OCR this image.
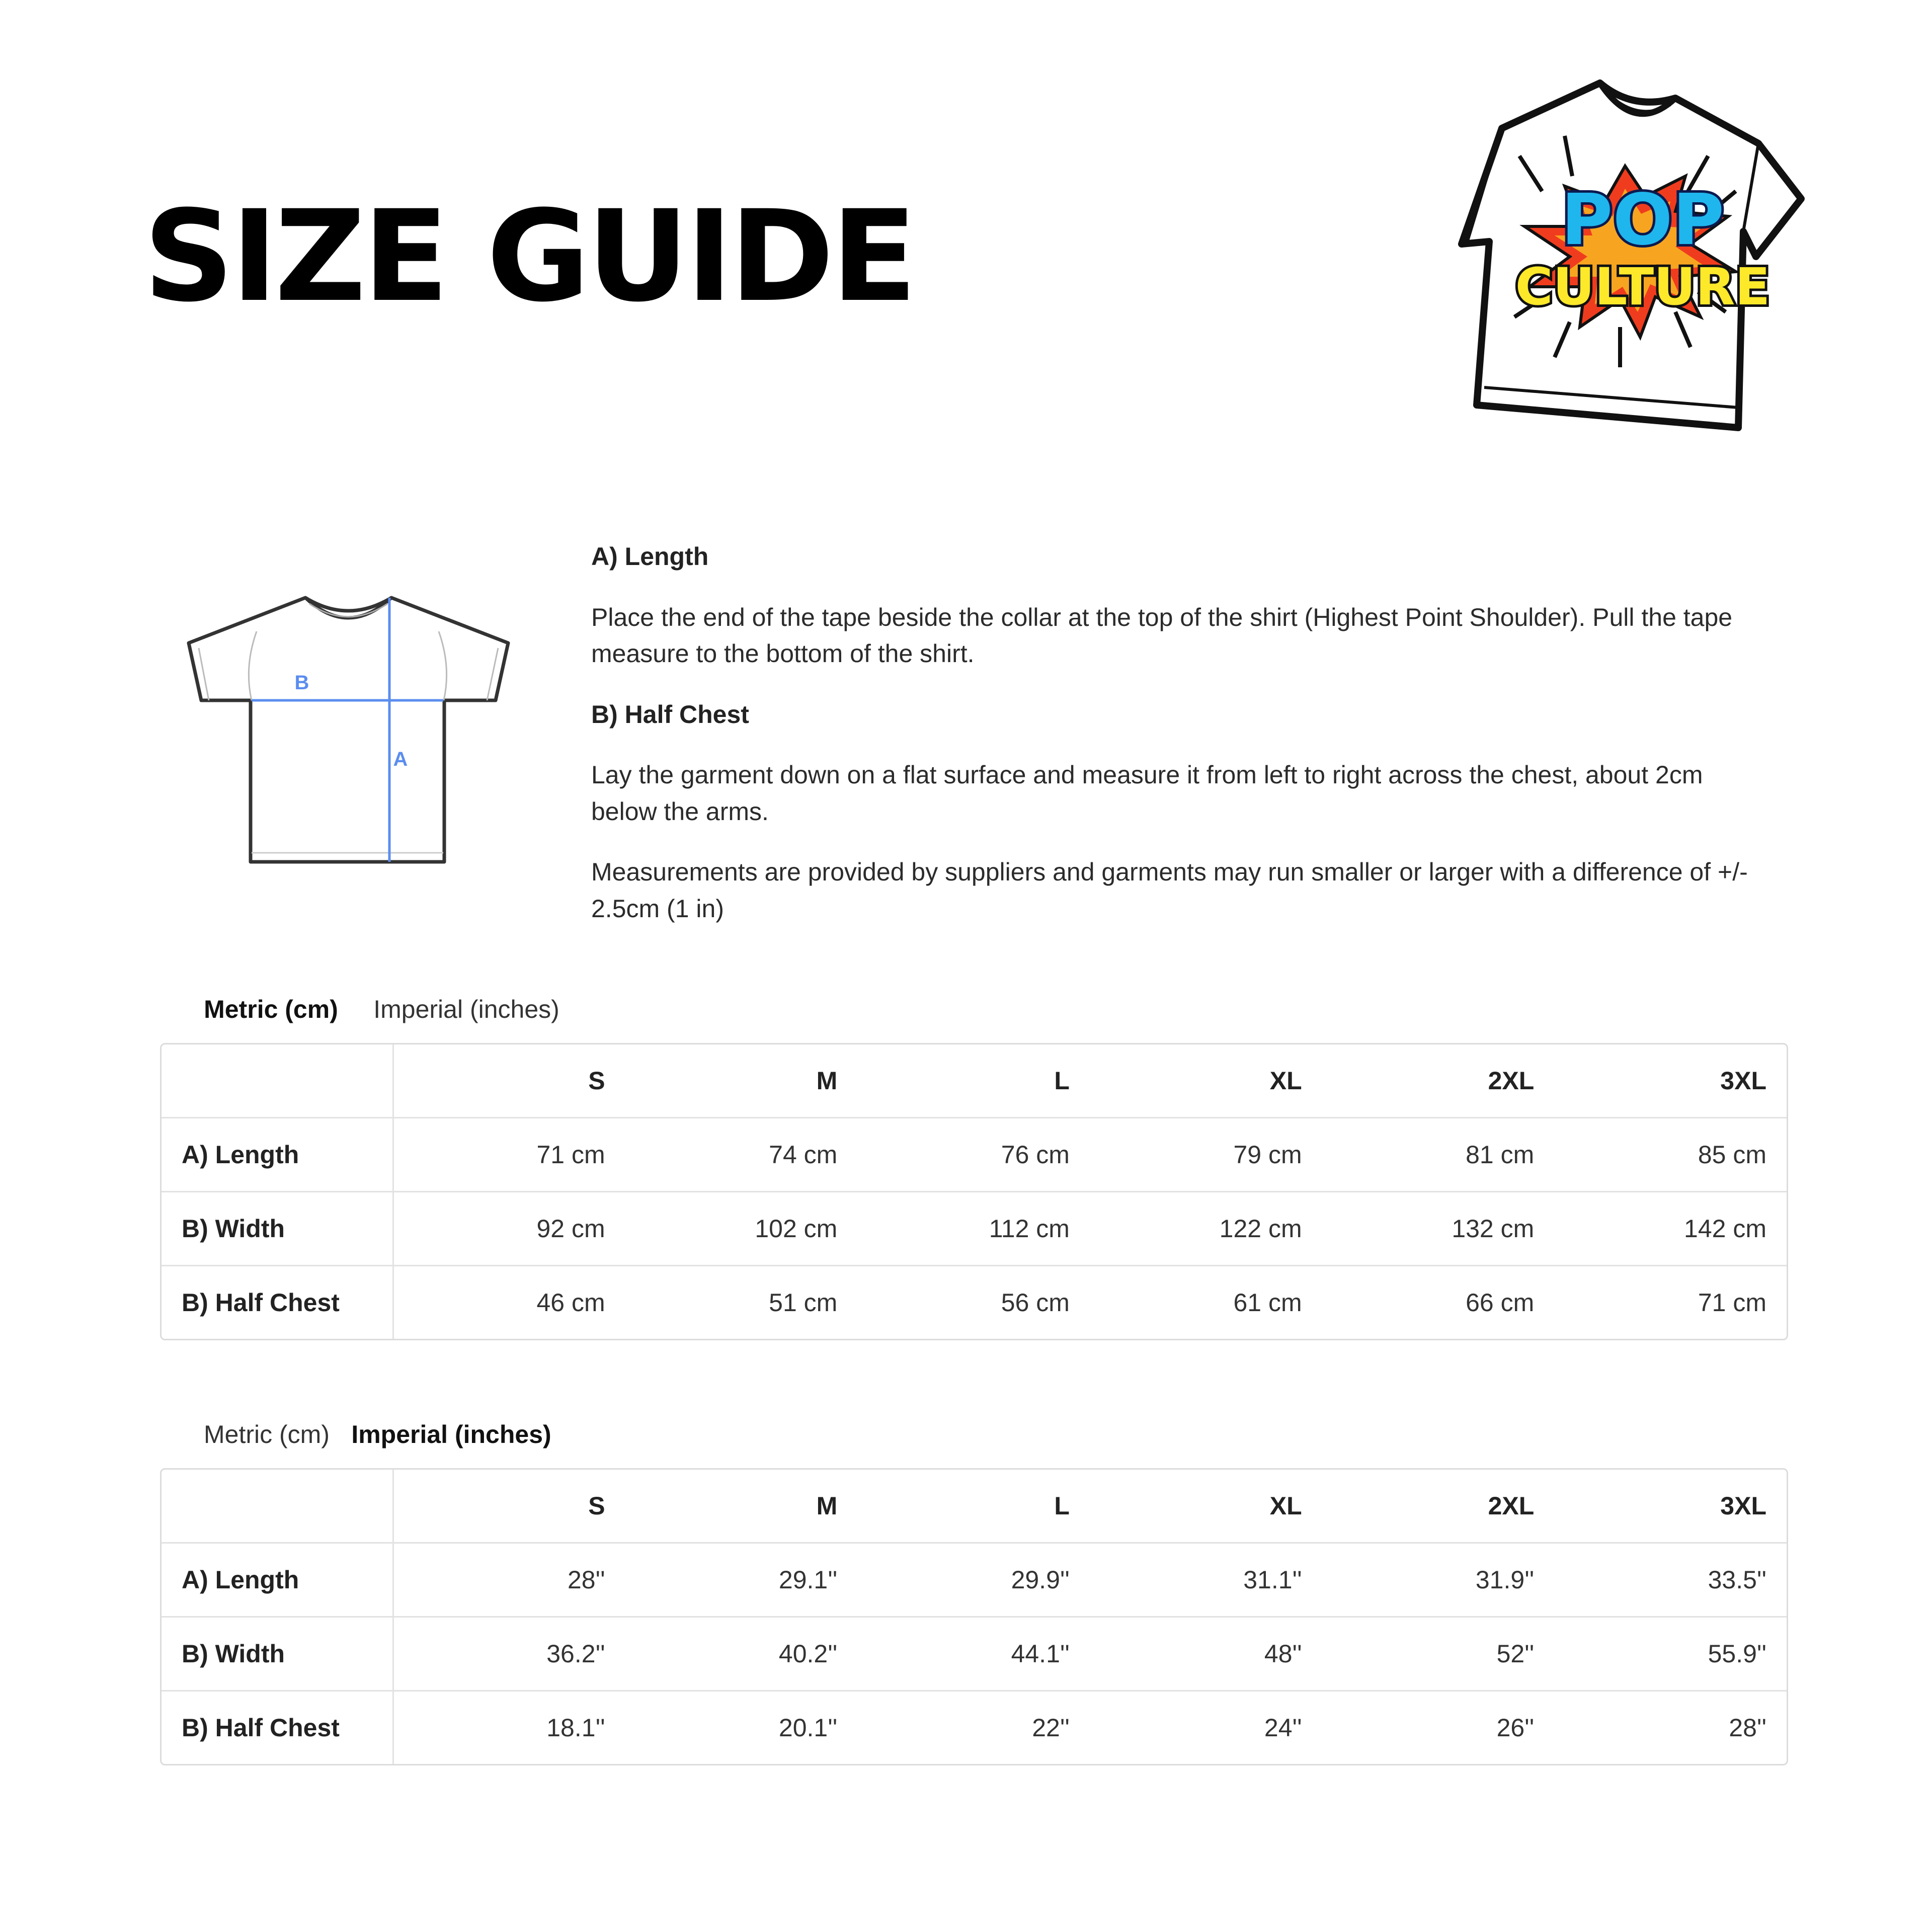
SIZE GUIDE	POP
CULTURE
B
A

A) Length

Place the end of the tape beside the collar at the top of the shirt (Highest Point Shoulder). Pull the tape measure to the bottom of the shirt.

B) Half Chest

Lay the garment down on a flat surface and measure it from left to right across the chest, about 2cm below the arms.

Measurements are provided by suppliers and garments may run smaller or larger with a difference of +/- 2.5cm (1 in)

Metric (cm)	Imperial (inches)
	S	M	L	XL	2XL	3XL
A) Length	71 cm	74 cm	76 cm	79 cm	81 cm	85 cm
B) Width	92 cm	102 cm	112 cm	122 cm	132 cm	142 cm
B) Half Chest	46 cm	51 cm	56 cm	61 cm	66 cm	71 cm
Metric (cm) Imperial (inches)
	S	M	L	XL	2XL	3XL
A) Length	28''	29.1''	29.9''	31.1''	31.9''	33.5''
B) Width	36.2''	40.2''	44.1''	48''	52''	55.9''
B) Half Chest	18.1''	20.1''	22''	24''	26''	28''
